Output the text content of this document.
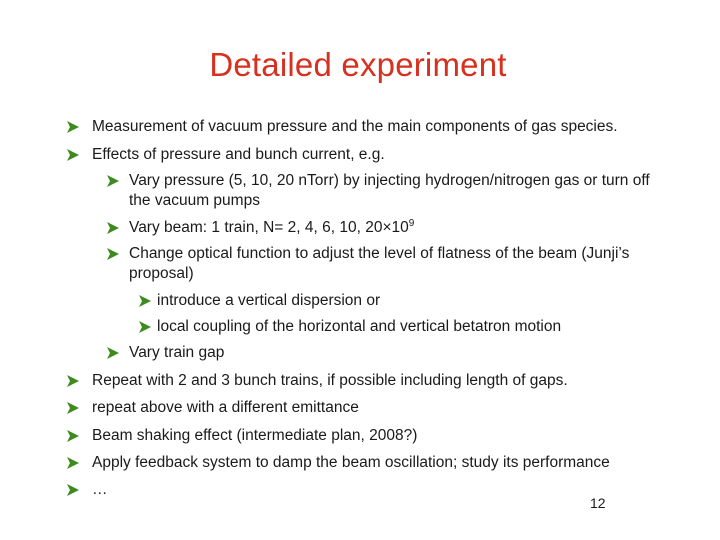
Detailed experiment
Measurement of vacuum pressure and the main components of gas species.
Effects of pressure and bunch current, e.g.
Vary pressure (5, 10, 20 nTorr) by injecting hydrogen/nitrogen gas or turn off the vacuum pumps
Vary beam: 1 train, N= 2, 4, 6, 10, $20\times 10^9$
Change optical function to adjust the level of flatness of the beam (Junji’s proposal)
introduce a vertical dispersion or
local coupling of the horizontal and vertical betatron motion
Vary train gap
Repeat with 2 and 3 bunch trains, if possible including length of gaps.
repeat above with a different emittance
Beam shaking effect (intermediate plan, 2008?)
Apply feedback system to damp the beam oscillation; study its performance
…
12
